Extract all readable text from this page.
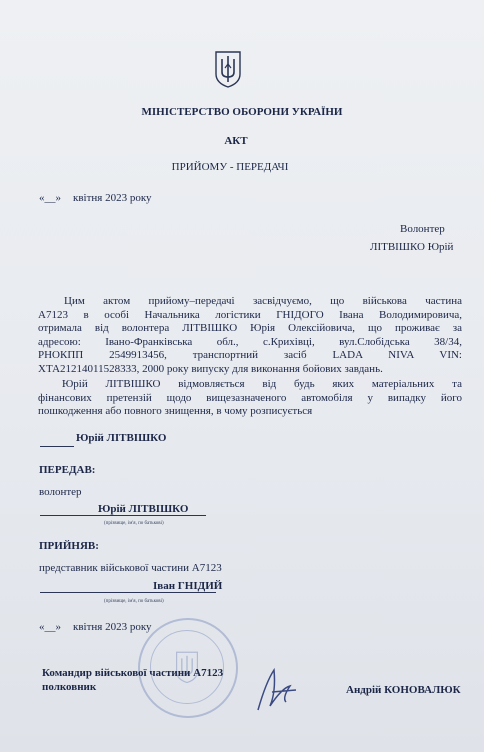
МІНІСТЕРСТВО ОБОРОНИ УКРАЇНИ
АКТ
ПРИЙОМУ - ПЕРЕДАЧІ
«__» квітня 2023 року
Волонтер
ЛІТВІШКО Юрій
Цим актом прийому–передачі засвідчуємо, що військова частина
А7123 в особі Начальника логістики ГНІДОГО Івана Володимировича,
отримала від волонтера ЛІТВІШКО Юрія Олексійовича, що проживає за
адресою: Івано-Франківська обл., с.Крихівці, вул.Слобідська 38/34,
РНОКПП 2549913456, транспортний засіб LADA NIVA VIN:
ХТА21214011528333, 2000 року випуску для виконання бойових завдань.
Юрій ЛІТВІШКО відмовляється від будь яких матеріальних та
фінансових претензій щодо вищезазначеного автомобіля у випадку його
пошкодження або повного знищення, в чому розписується
Юрій ЛІТВІШКО
ПЕРЕДАВ:
волонтер
Юрій ЛІТВІШКО
(прізвище, ім'я, по батькові)
ПРИЙНЯВ:
представник військової частини А7123
Іван ГНІДИЙ
(прізвище, ім'я, по батькові)
«__» квітня 2023 року
Командир військової частини А7123
полковник	Андрій КОНОВАЛЮК
